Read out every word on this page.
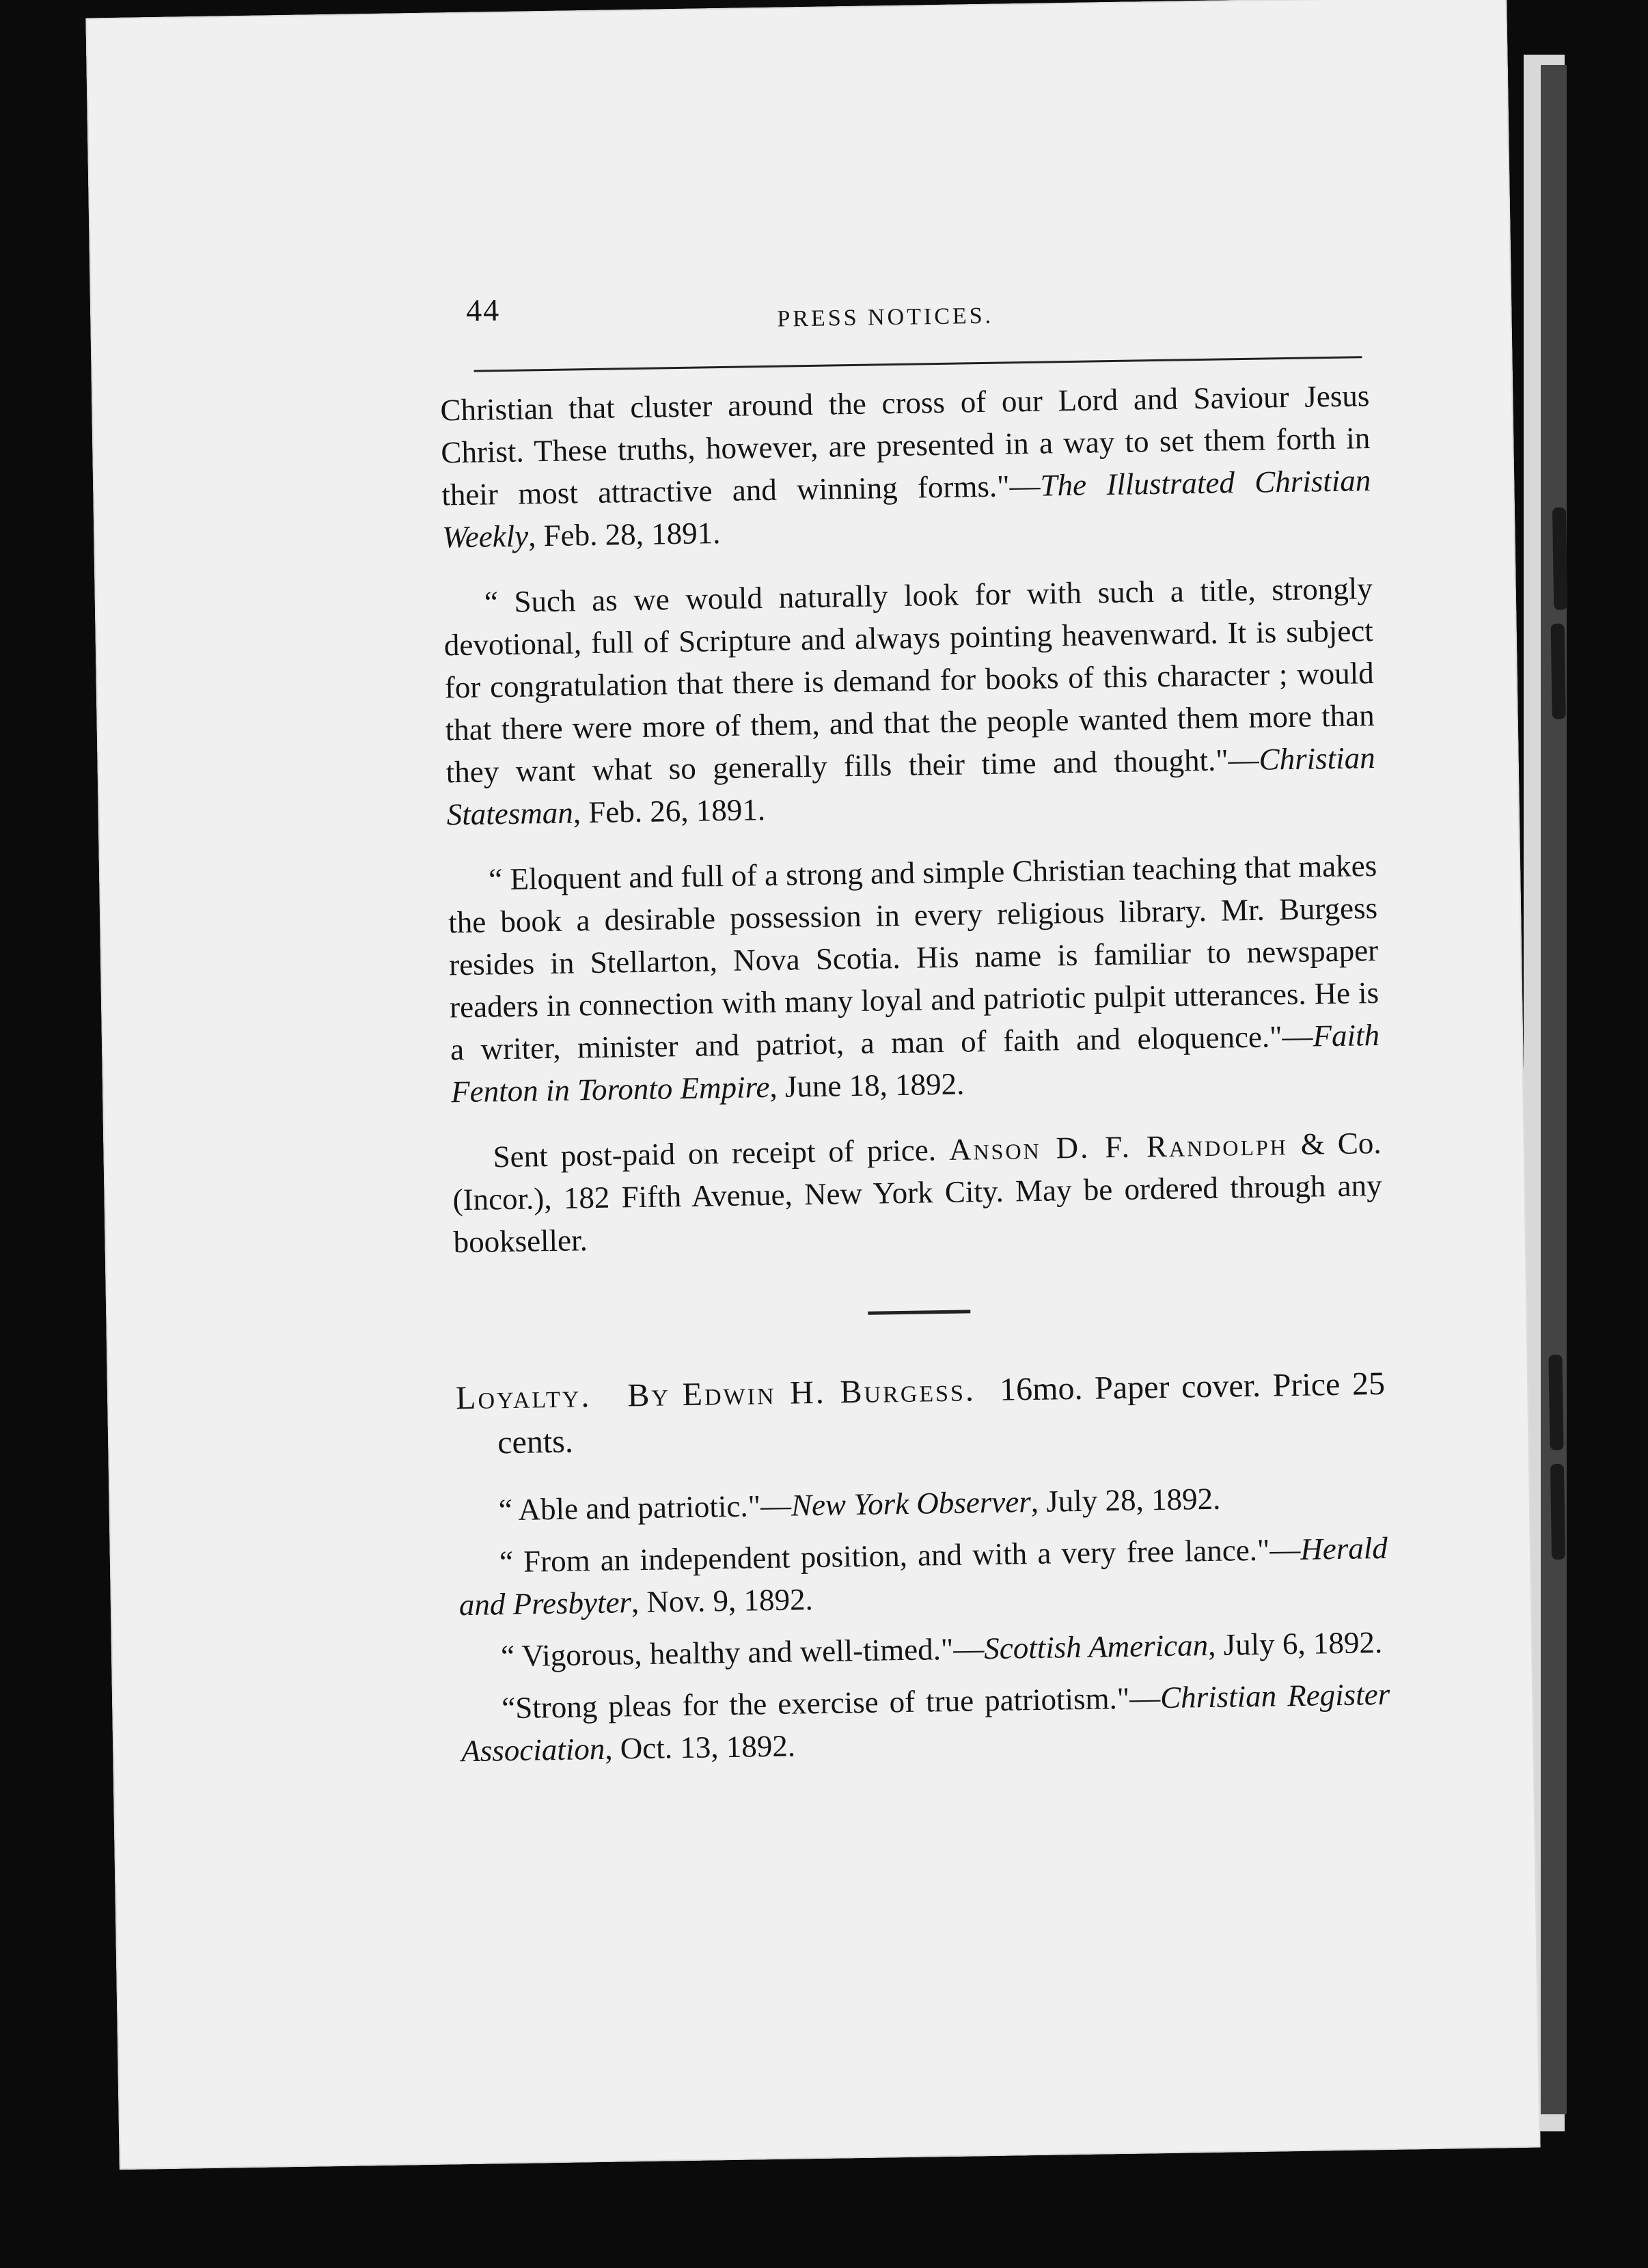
44	PRESS NOTICES.

Christian that cluster around the cross of our Lord and Saviour Jesus Christ. These truths, however, are presented in a way to set them forth in their most attractive and winning forms."—The Illustrated Christian Weekly, Feb. 28, 1891.

“ Such as we would naturally look for with such a title, strongly devotional, full of Scripture and always pointing heavenward. It is subject for congratulation that there is demand for books of this character ; would that there were more of them, and that the people wanted them more than they want what so generally fills their time and thought."—Christian Statesman, Feb. 26, 1891.

“ Eloquent and full of a strong and simple Christian teaching that makes the book a desirable possession in every religious library. Mr. Burgess resides in Stellarton, Nova Scotia. His name is familiar to newspaper readers in connection with many loyal and patriotic pulpit utterances. He is a writer, minister and patriot, a man of faith and eloquence."—Faith Fenton in Toronto Empire, June 18, 1892.

Sent post-paid on receipt of price. Anson D. F. Randolph & Co. (Incor.), 182 Fifth Avenue, New York City. May be ordered through any bookseller.

Loyalty. By Edwin H. Burgess. 16mo. Paper cover. Price 25 cents.

“ Able and patriotic."—New York Observer, July 28, 1892.

“ From an independent position, and with a very free lance."—Herald and Presbyter, Nov. 9, 1892.

“ Vigorous, healthy and well-timed."—Scottish American, July 6, 1892.

“Strong pleas for the exercise of true patriotism."—Christian Register Association, Oct. 13, 1892.
